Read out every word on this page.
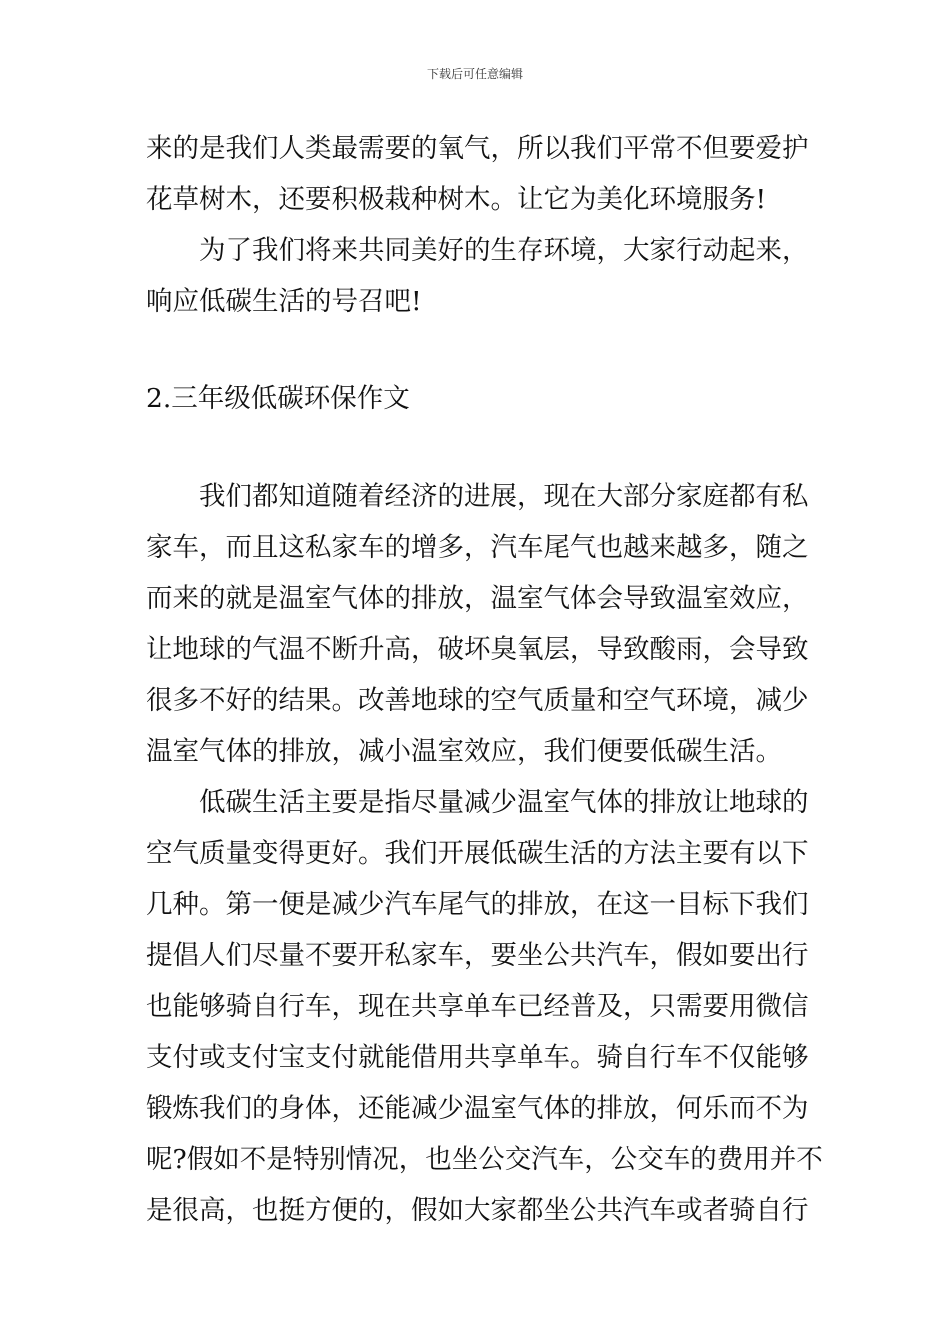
下载后可任意编辑
来的是我们人类最需要的氧气，所以我们平常不但要爱护
花草树木，还要积极栽种树木。让它为美化环境服务!
为了我们将来共同美好的生存环境，大家行动起来，
响应低碳生活的号召吧!
2.三年级低碳环保作文
我们都知道随着经济的进展，现在大部分家庭都有私
家车，而且这私家车的增多，汽车尾气也越来越多，随之
而来的就是温室气体的排放，温室气体会导致温室效应，
让地球的气温不断升高，破坏臭氧层，导致酸雨，会导致
很多不好的结果。改善地球的空气质量和空气环境，减少
温室气体的排放，减小温室效应，我们便要低碳生活。
低碳生活主要是指尽量减少温室气体的排放让地球的
空气质量变得更好。我们开展低碳生活的方法主要有以下
几种。第一便是减少汽车尾气的排放，在这一目标下我们
提倡人们尽量不要开私家车，要坐公共汽车，假如要出行
也能够骑自行车，现在共享单车已经普及，只需要用微信
支付或支付宝支付就能借用共享单车。骑自行车不仅能够
锻炼我们的身体，还能减少温室气体的排放，何乐而不为
呢?假如不是特别情况，也坐公交汽车，公交车的费用并不
是很高，也挺方便的，假如大家都坐公共汽车或者骑自行
